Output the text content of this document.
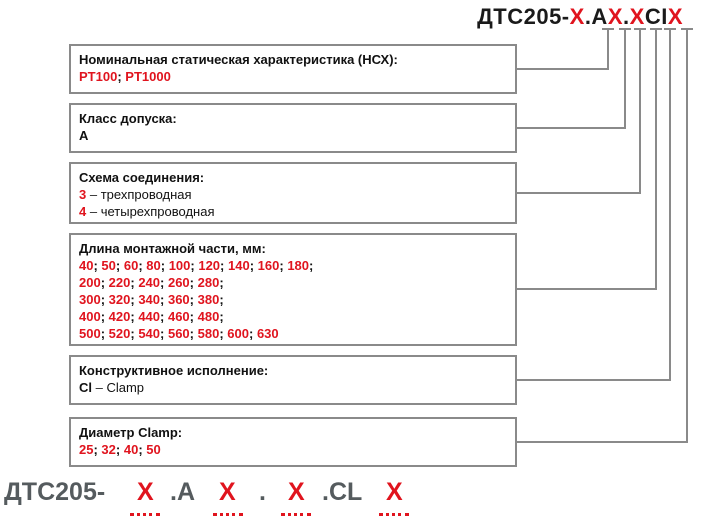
ДТС205-X.AX.XCIX
Номинальная статическая характеристика (НСХ):
PT100; PT1000
Класс допуска:
A
Схема соединения:
3 – трехпроводная
4 – четырехпроводная
Длина монтажной части, мм:
40; 50; 60; 80; 100; 120; 140; 160; 180;
200; 220; 240; 260; 280;
300; 320; 340; 360; 380;
400; 420; 440; 460; 480;
500; 520; 540; 560; 580; 600; 630
Конструктивное исполнение:
Cl – Clamp
Диаметр Clamp:
25; 32; 40; 50
ДТС205- X .A X . X .CL X
